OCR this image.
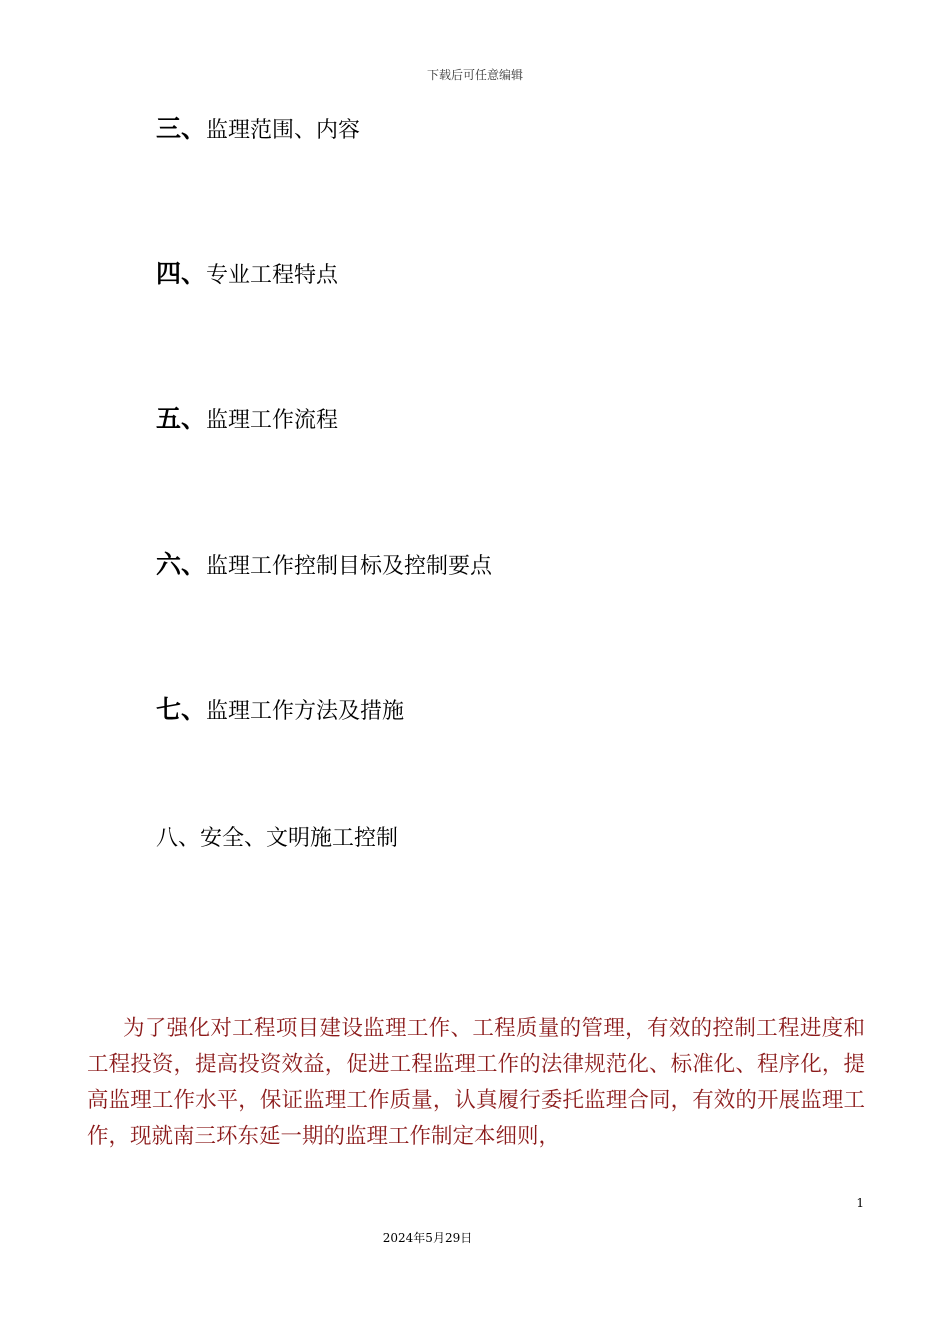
下载后可任意编辑
三、监理范围、内容
四、专业工程特点
五、监理工作流程
六、监理工作控制目标及控制要点
七、监理工作方法及措施
八、安全、文明施工控制

为了强化对工程项目建设监理工作、工程质量的管理，有效的控制工程进度和工程投资，提高投资效益，促进工程监理工作的法律规范化、标准化、程序化，提高监理工作水平，保证监理工作质量，认真履行委托监理合同，有效的开展监理工作，现就南三环东延一期的监理工作制定本细则，

1
2024年5月29日
